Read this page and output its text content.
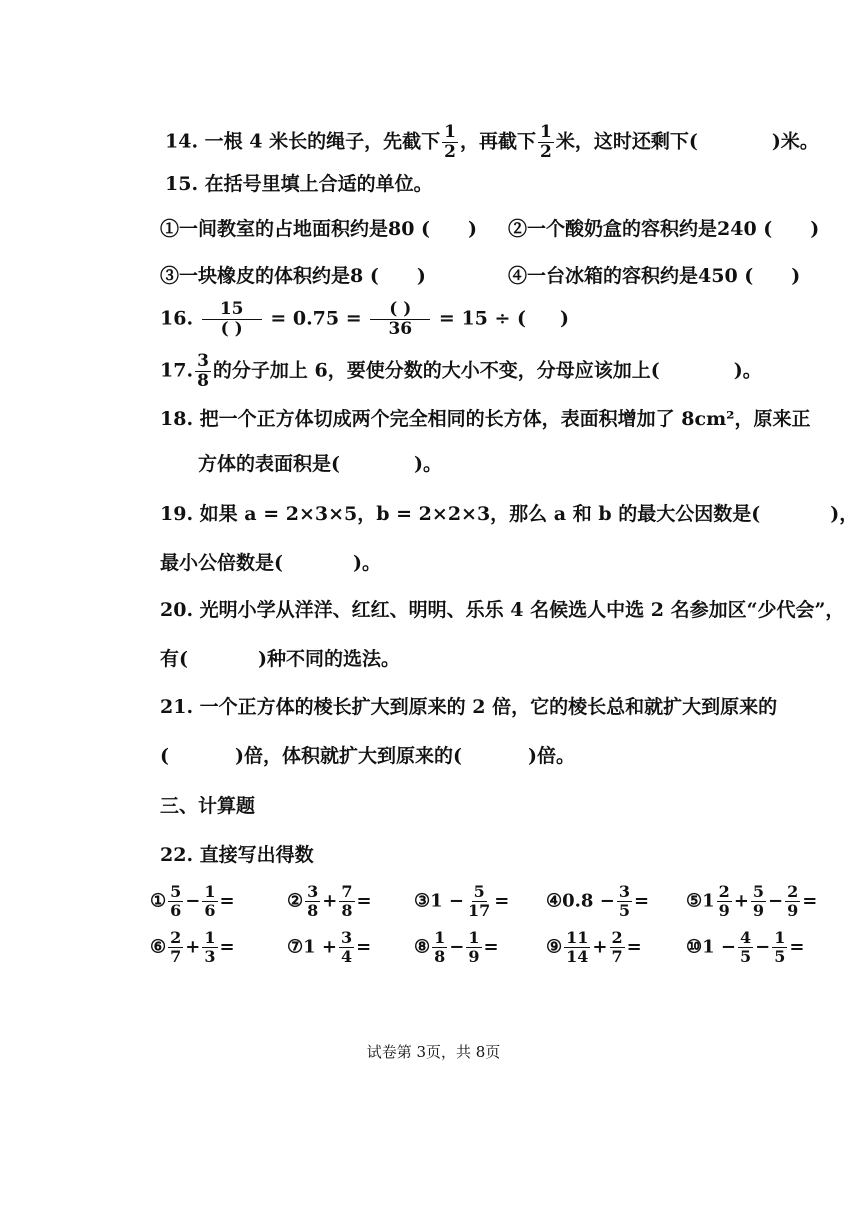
14. 一根 4 米长的绳子，先截下 $\frac{1}{2}$ ，再截下 $\frac{1}{2}$ 米，这时还剩下(	)米。
15. 在括号里填上合适的单位。
①一间教室的占地面积约是80 ( ) ②一个酸奶盒的容积约是240 ( )
③一块橡皮的体积约是8 ( )	④一台冰箱的容积约是450 ( )
16. $\frac{15}{( )} = 0.75 = \frac{( )}{36} = 15$ ÷ ( )
17. $\frac{3}{8}$ 的分子加上 6，要使分数的大小不变，分母应该加上(	)。
18. 把一个正方体切成两个完全相同的长方体，表面积增加了 8cm²，原来正
方体的表面积是(	)。
19. 如果 a = 2×3×5，b = 2×2×3，那么 a 和 b 的最大公因数是(	)，
最小公倍数是(	)。
20. 光明小学从洋洋、红红、明明、乐乐 4 名候选人中选 2 名参加区“少代会”，
有(	)种不同的选法。
21. 一个正方体的棱长扩大到原来的 2 倍，它的棱长总和就扩大到原来的
(	)倍，体积就扩大到原来的(	)倍。
三、计算题
22. 直接写出得数
① $\frac{5}{6} - \frac{1}{6}$ =	② $\frac{3}{8} + \frac{7}{8}$ = ③1 − $\frac{5}{17}$ = ④0.8 − $\frac{3}{5}$ = ⑤1 $\frac{2}{9} + \frac{5}{9} - \frac{2}{9}$ =
⑥ $\frac{2}{7} + \frac{1}{3}$ =	⑦1 + $\frac{3}{4}$ = ⑧ $\frac{1}{8} - \frac{1}{9}$ =	⑨ $\frac{11}{14} + \frac{2}{7}$ = ⑩1 − $\frac{4}{5} - \frac{1}{5}$ =
试卷第 3页，共 8页
